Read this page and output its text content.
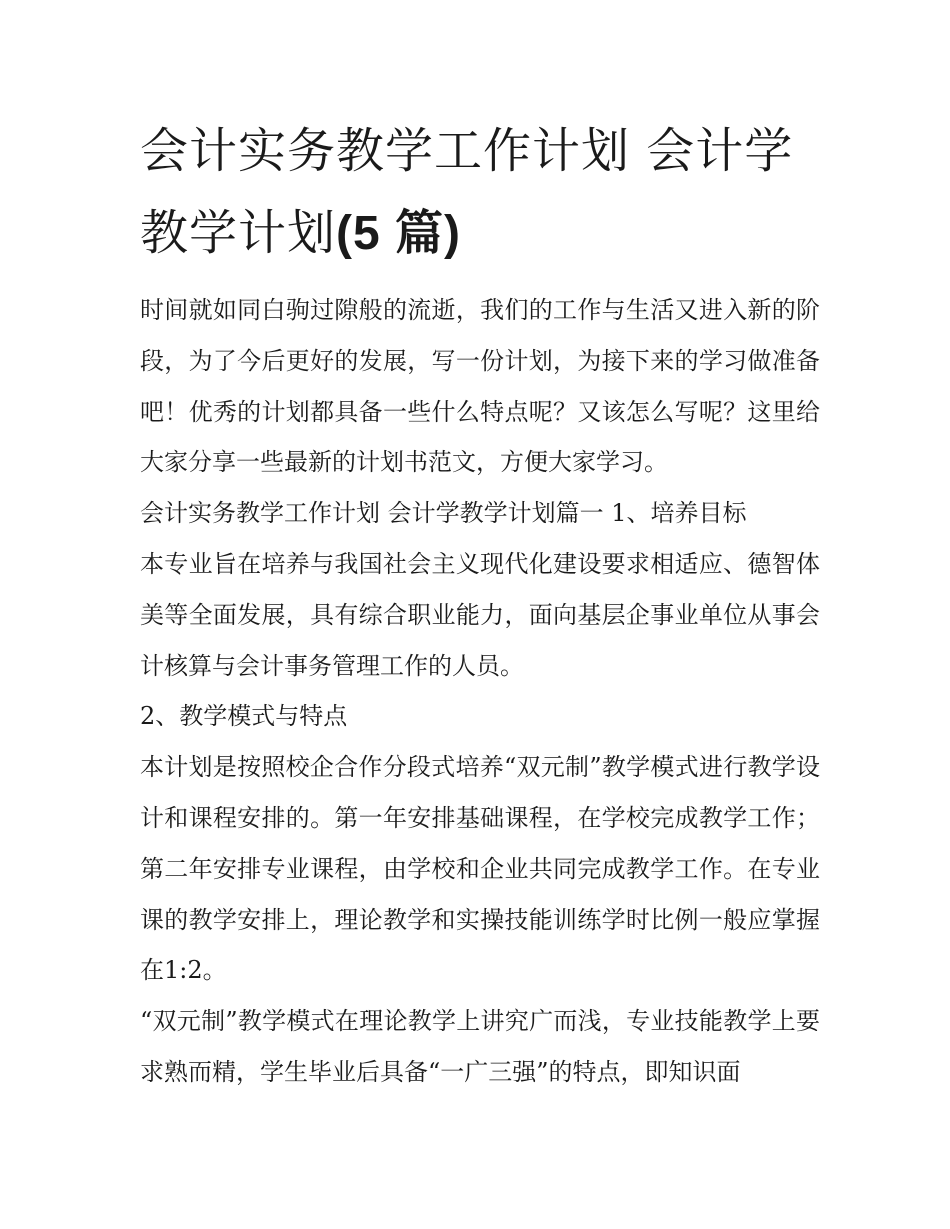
会计实务教学工作计划 会计学教学计划(5 篇)

时间就如同白驹过隙般的流逝，我们的工作与生活又进入新的阶段，为了今后更好的发展，写一份计划，为接下来的学习做准备吧！优秀的计划都具备一些什么特点呢？又该怎么写呢？这里给大家分享一些最新的计划书范文，方便大家学习。

会计实务教学工作计划 会计学教学计划篇一 1、培养目标

本专业旨在培养与我国社会主义现代化建设要求相适应、德智体美等全面发展，具有综合职业能力，面向基层企事业单位从事会计核算与会计事务管理工作的人员。

2、教学模式与特点

本计划是按照校企合作分段式培养“双元制”教学模式进行教学设计和课程安排的。第一年安排基础课程，在学校完成教学工作；第二年安排专业课程，由学校和企业共同完成教学工作。在专业课的教学安排上，理论教学和实操技能训练学时比例一般应掌握在1:2。

“双元制”教学模式在理论教学上讲究广而浅，专业技能教学上要求熟而精，学生毕业后具备“一广三强”的特点，即知识面
